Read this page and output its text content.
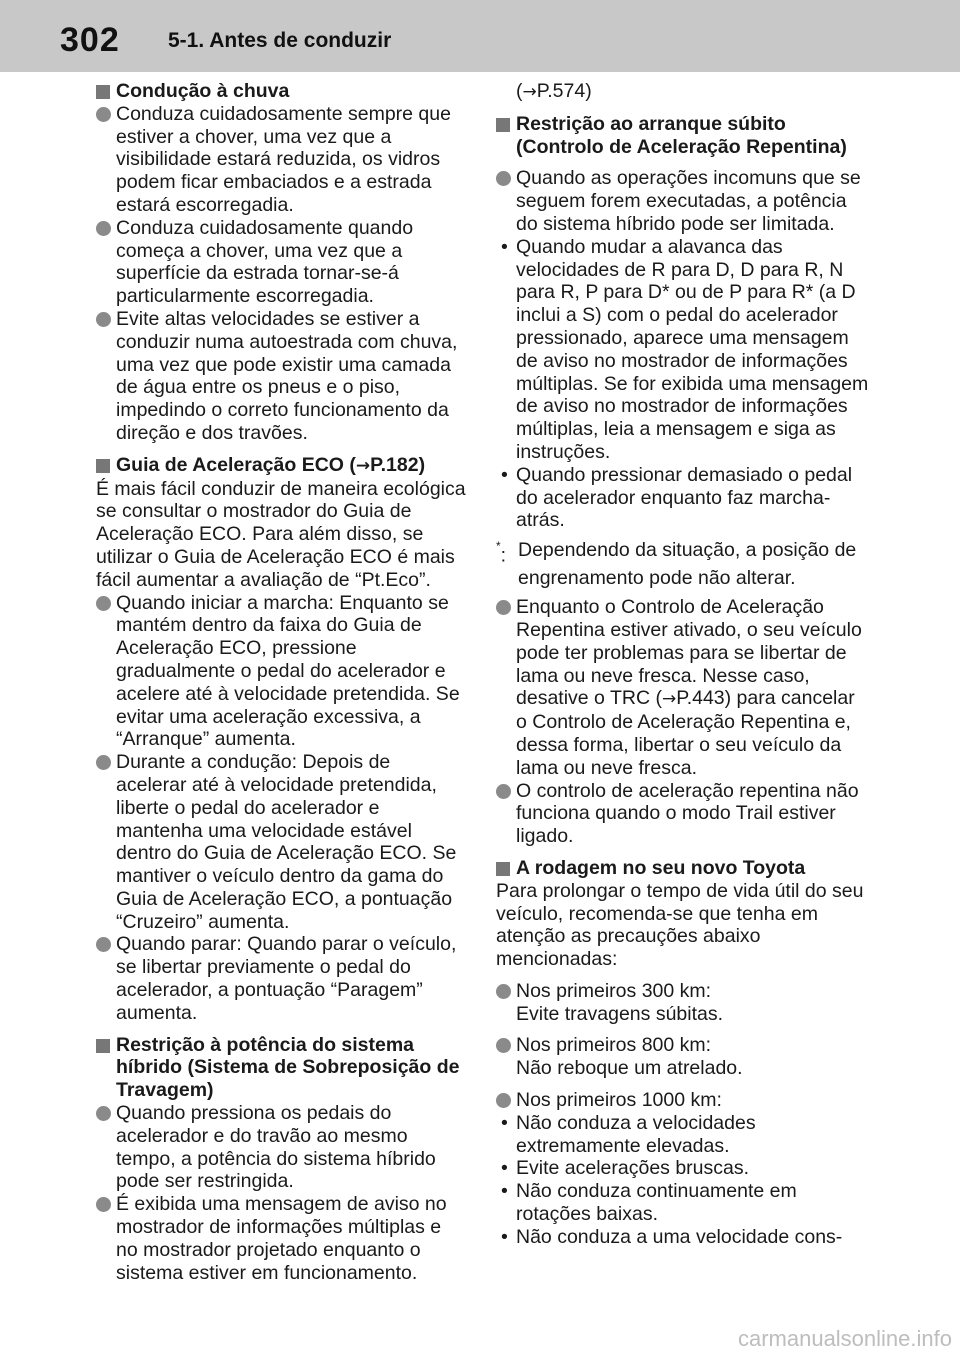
302 5-1. Antes de conduzir
Condução à chuva
Conduza cuidadosamente sempre que estiver a chover, uma vez que a visibilidade estará reduzida, os vidros podem ficar embaciados e a estrada estará escorregadia.
Conduza cuidadosamente quando começa a chover, uma vez que a superfície da estrada tornar-se-á particularmente escorregadia.
Evite altas velocidades se estiver a conduzir numa autoestrada com chuva, uma vez que pode existir uma camada de água entre os pneus e o piso, impedindo o correto funcionamento da direção e dos travões.
Guia de Aceleração ECO (→P.182)
É mais fácil conduzir de maneira ecológica se consultar o mostrador do Guia de Aceleração ECO. Para além disso, se utilizar o Guia de Aceleração ECO é mais fácil aumentar a avaliação de “Pt.Eco”.
Quando iniciar a marcha: Enquanto se mantém dentro da faixa do Guia de Aceleração ECO, pressione gradualmente o pedal do acelerador e acelere até à velocidade pretendida. Se evitar uma aceleração excessiva, a “Arranque” aumenta.
Durante a condução: Depois de acelerar até à velocidade pretendida, liberte o pedal do acelerador e mantenha uma velocidade estável dentro do Guia de Aceleração ECO. Se mantiver o veículo dentro da gama do Guia de Aceleração ECO, a pontuação “Cruzeiro” aumenta.
Quando parar: Quando parar o veículo, se libertar previamente o pedal do acelerador, a pontuação “Paragem” aumenta.
Restrição à potência do sistema híbrido (Sistema de Sobreposição de Travagem)
Quando pressiona os pedais do acelerador e do travão ao mesmo tempo, a potência do sistema híbrido pode ser restringida.
É exibida uma mensagem de aviso no mostrador de informações múltiplas e no mostrador projetado enquanto o sistema estiver em funcionamento.
(→P.574)
Restrição ao arranque súbito (Controlo de Aceleração Repentina)
Quando as operações incomuns que se seguem forem executadas, a potência do sistema híbrido pode ser limitada.
• Quando mudar a alavanca das velocidades de R para D, D para R, N para R, P para D* ou de P para R* (a D inclui a S) com o pedal do acelerador pressionado, aparece uma mensagem de aviso no mostrador de informações múltiplas. Se for exibida uma mensagem de aviso no mostrador de informações múltiplas, leia a mensagem e siga as instruções.
• Quando pressionar demasiado o pedal do acelerador enquanto faz marcha-atrás.
*: Dependendo da situação, a posição de engrenamento pode não alterar.
Enquanto o Controlo de Aceleração Repentina estiver ativado, o seu veículo pode ter problemas para se libertar de lama ou neve fresca. Nesse caso, desative o TRC (→P.443) para cancelar o Controlo de Aceleração Repentina e, dessa forma, libertar o seu veículo da lama ou neve fresca.
O controlo de aceleração repentina não funciona quando o modo Trail estiver ligado.
A rodagem no seu novo Toyota
Para prolongar o tempo de vida útil do seu veículo, recomenda-se que tenha em atenção as precauções abaixo mencionadas:
Nos primeiros 300 km:
Evite travagens súbitas.
Nos primeiros 800 km:
Não reboque um atrelado.
Nos primeiros 1000 km:
• Não conduza a velocidades extremamente elevadas.
• Evite acelerações bruscas.
• Não conduza continuamente em rotações baixas.
• Não conduza a uma velocidade cons-
carmanualsonline.info
